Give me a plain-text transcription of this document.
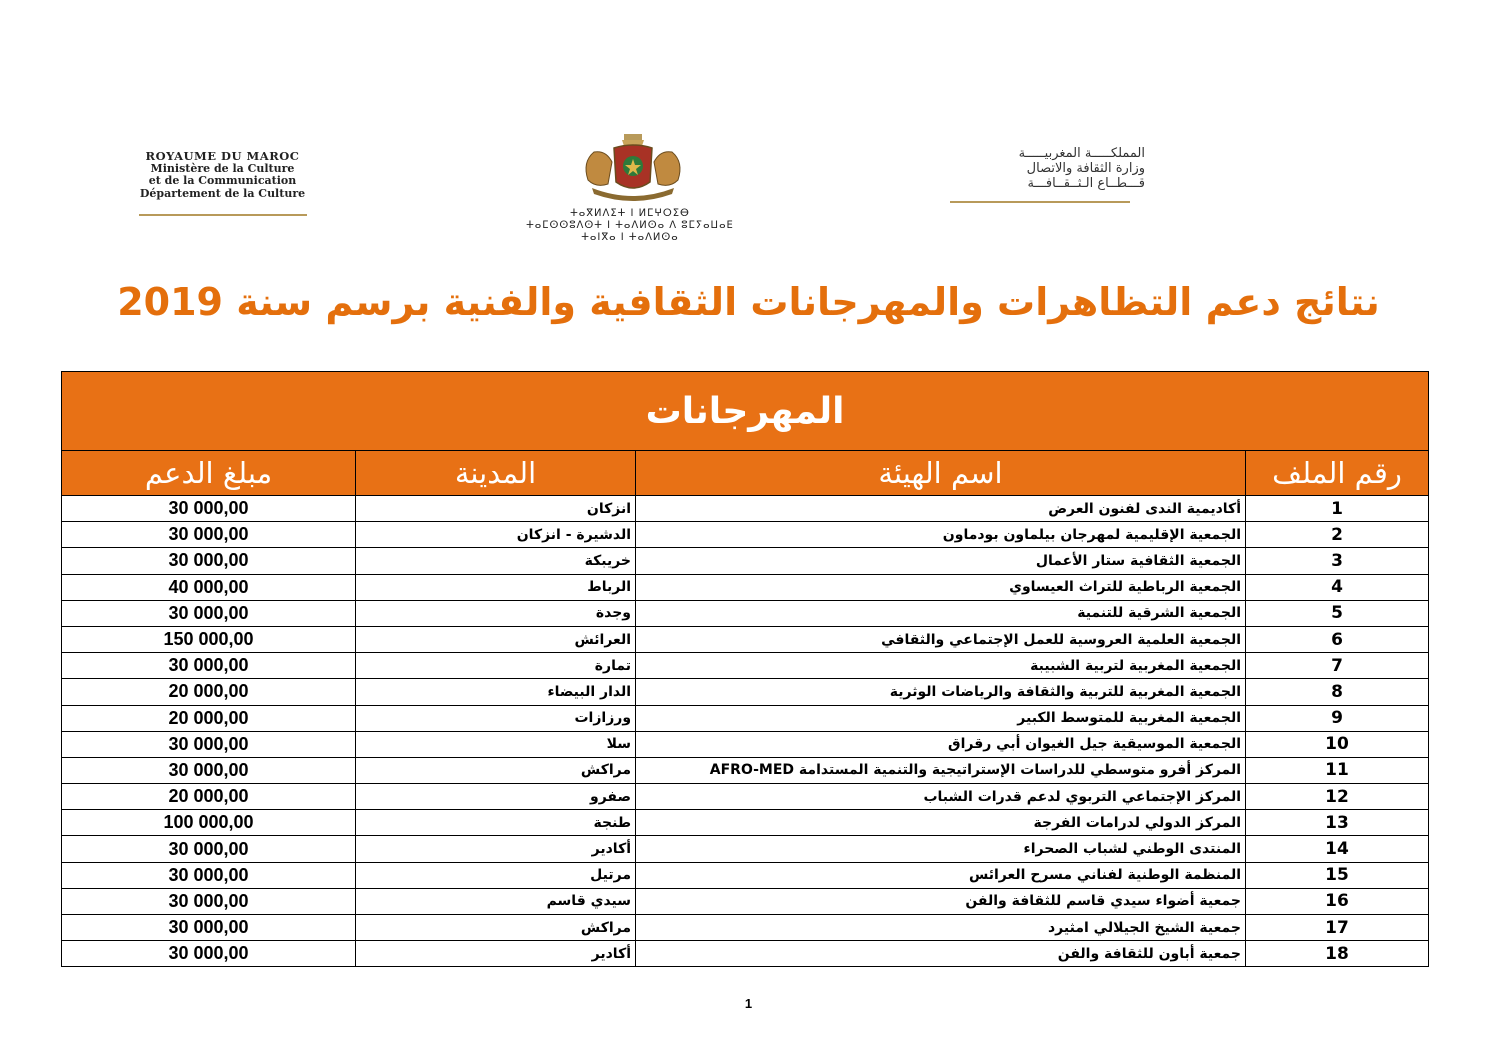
ROYAUME DU MAROC
Ministère de la Culture
et de la Communication
Département de la Culture
ⵜⴰⴳⵍⴷⵉⵜ ⵏ ⵍⵎⵖⵔⵉⴱ
ⵜⴰⵎⵙⵙⵓⴷⵙⵜ ⵏ ⵜⴰⴷⵍⵙⴰ ⴷ ⵓⵎⵢⴰⵡⴰⴹ
ⵜⴰⵏⴳⴰ ⵏ ⵜⴰⴷⵍⵙⴰ
المملكـــــة المغربيـــــة
وزارة الثقافة والاتصال
قـــطــاع الـثــقــافـــة
نتائج دعم التظاهرات والمهرجانات الثقافية والفنية برسم سنة 2019
المهرجانات			
رقم الملف	اسم الهيئة	المدينة	مبلغ الدعم
1	أكاديمية الندى لفنون العرض	انزكان	30 000,00
2	الجمعية الإقليمية لمهرجان بيلماون بودماون	الدشيرة - انزكان	30 000,00
3	الجمعية الثقافية ستار الأعمال	خريبكة	30 000,00
4	الجمعية الرباطية للتراث العيساوي	الرباط	40 000,00
5	الجمعية الشرقية للتنمية	وجدة	30 000,00
6	الجمعية العلمية العروسية للعمل الإجتماعي والثقافي	العرائش	150 000,00
7	الجمعية المغربية لتربية الشبيبة	تمارة	30 000,00
8	الجمعية المغربية للتربية والثقافة والرياضات الوثرية	الدار البيضاء	20 000,00
9	الجمعية المغربية للمتوسط الكبير	ورزازات	20 000,00
10	الجمعية الموسيقية جيل الغيوان أبي رقراق	سلا	30 000,00
11	المركز أفرو متوسطي للدراسات الإستراتيجية والتنمية المستدامة AFRO-MED	مراكش	30 000,00
12	المركز الإجتماعي التربوي لدعم قدرات الشباب	صفرو	20 000,00
13	المركز الدولي لدرامات الفرجة	طنجة	100 000,00
14	المنتدى الوطني لشباب الصحراء	أكادير	30 000,00
15	المنظمة الوطنية لفناني مسرح العرائس	مرتيل	30 000,00
16	جمعية أضواء سيدي قاسم للثقافة والفن	سيدي قاسم	30 000,00
17	جمعية الشيخ الجيلالي امثيرد	مراكش	30 000,00
18	جمعية أباون للثقافة والفن	أكادير	30 000,00
1
